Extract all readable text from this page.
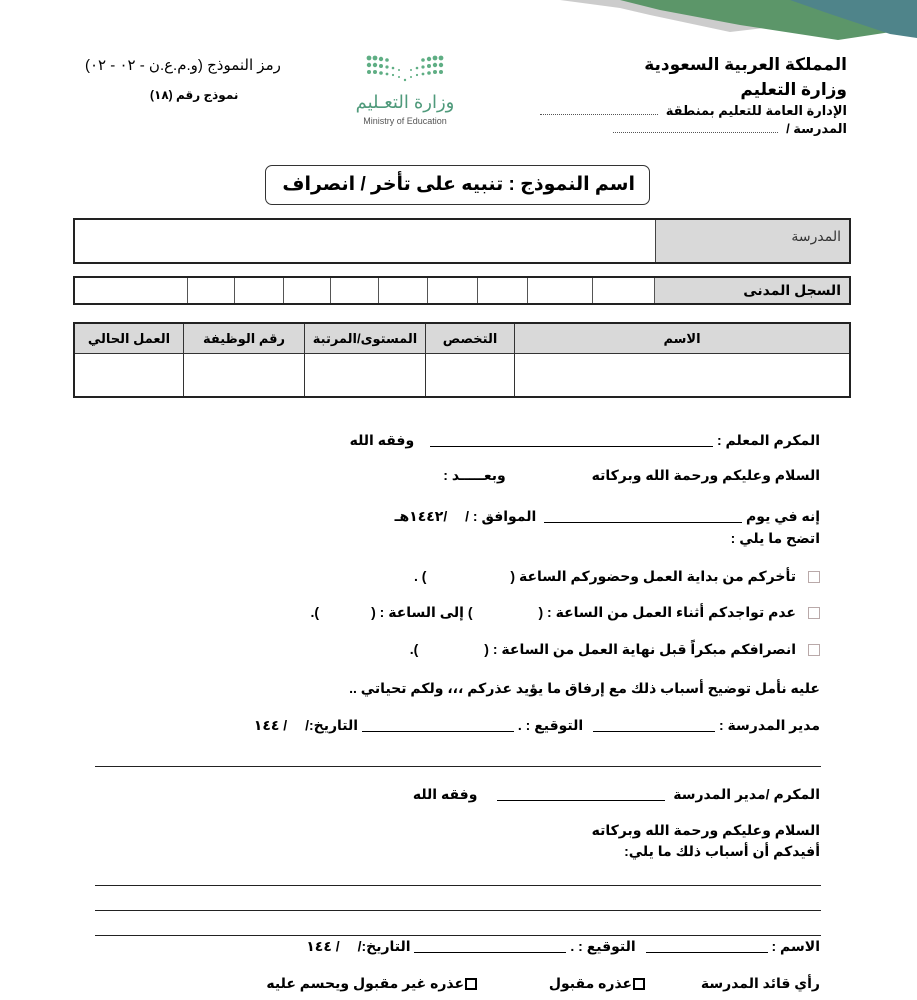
المملكة العربية السعودية
وزارة التعليم
الإدارة العامة للتعليم بمنطقة
المدرسة /
رمز النموذج (و.م.ع.ن - ٠٢ - ٠٢)
نموذج رقم (١٨)	وزارة التعـليم
Ministry of Education
اسم النموذج : تنبيه على تأخر / انصراف
	المدرسة
										السجل المدنى
العمل الحالي	رقم الوظيفة	المستوى/المرتبة	التخصص	الاسم

المكرم المعلم :  وفقه الله
السلام وعليكم ورحمة الله وبركاته وبعـــــد :
إنه في يوم  الموافق : / /١٤٤٢هـ
اتضح ما يلي :
تأخركم من بداية العمل وحضوركم الساعة () .
عدم تواجدكم أثناء العمل من الساعة : () إلى الساعة : ().
انصرافكم مبكراً قبل نهاية العمل من الساعة : ().
عليه نأمل توضيح أسباب ذلك مع إرفاق ما يؤيد عذركم ،،، ولكم تحياتي ..
مدير المدرسة :  التوقيع : .  التاريخ:/ / ١٤٤
المكرم /مدير المدرسة  وفقه الله
السلام وعليكم ورحمة الله وبركاته
أفيدكم أن أسباب ذلك ما يلي:
الاسم :  التوقيع : .  التاريخ:/ / ١٤٤
رأي قائد المدرسة  عذره مقبول  عذره غير مقبول ويحسم عليه
